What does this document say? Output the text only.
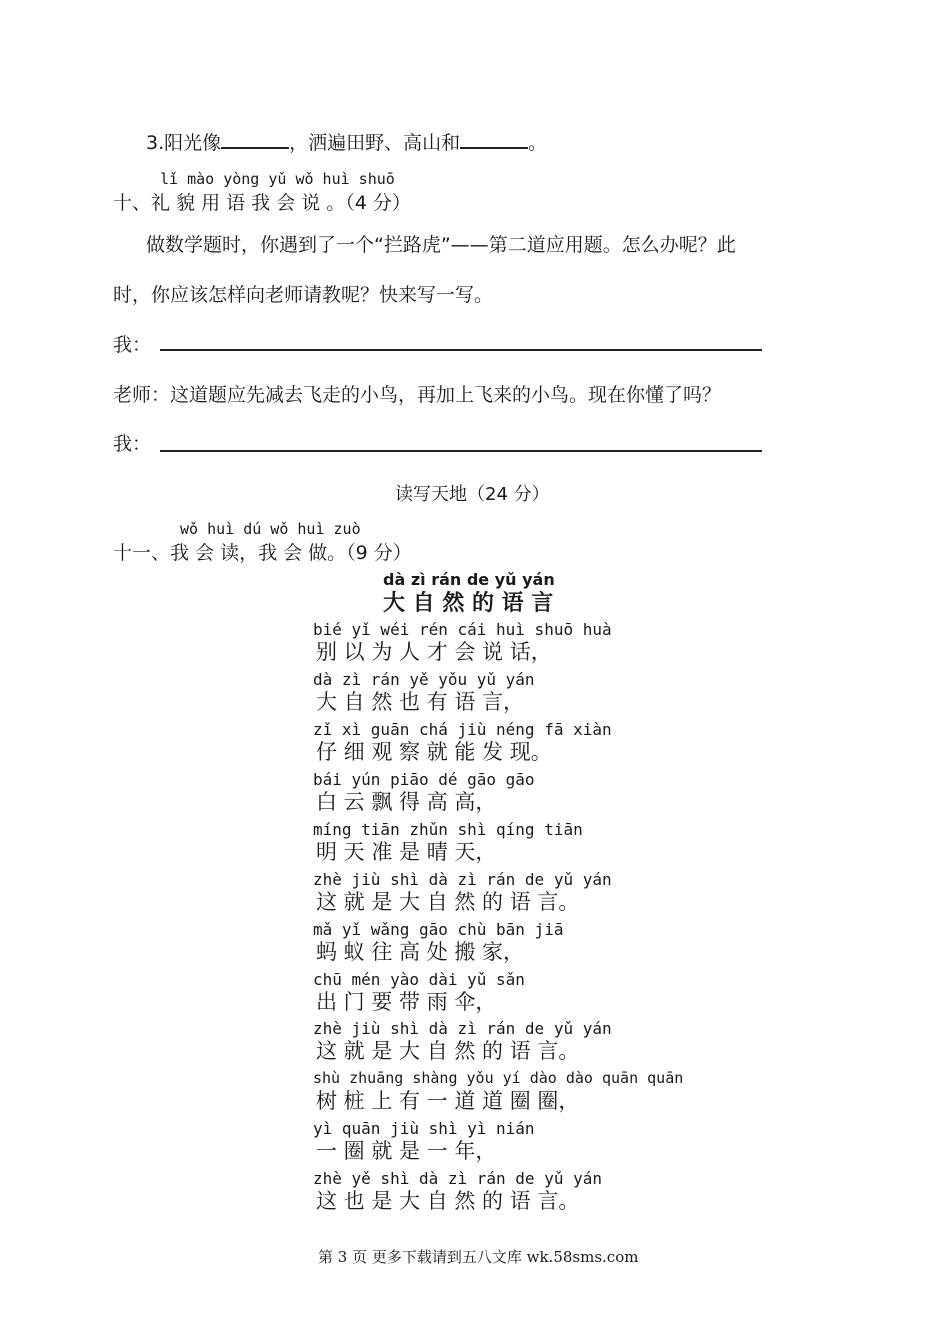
3.阳光像	，洒遍田野、高山和	。
lǐ mào yòng yǔ wǒ huì shuō
十、礼 貌 用 语 我 会 说 。（4 分）
做数学题时，你遇到了一个“拦路虎”——第二道应用题。怎么办呢？此
时，你应该怎样向老师请教呢？快来写一写。
我：
老师：这道题应先减去飞走的小鸟，再加上飞来的小鸟。现在你懂了吗？
我：
读写天地（24 分）
wǒ huì dú wǒ huì zuò
十一、我 会 读，我 会 做。（9 分）
dà zì rán de yǔ yán
大 自 然 的 语 言
bié yǐ wéi rén cái huì shuō huà
别 以 为 人 才 会 说 话，
dà zì rán yě yǒu yǔ yán
大 自 然 也 有 语 言，
zǐ xì guān chá jiù néng fā xiàn
仔 细 观 察 就 能 发 现。
bái yún piāo dé gāo gāo
白 云 飘 得 高 高，
míng tiān zhǔn shì qíng tiān
明 天 准 是 晴 天，
zhè jiù shì dà zì rán de yǔ yán
这 就 是 大 自 然 的 语 言。
mǎ yǐ wǎng gāo chù bān jiā
蚂 蚁 往 高 处 搬 家，
chū mén yào dài yǔ sǎn
出 门 要 带 雨 伞，
zhè jiù shì dà zì rán de yǔ yán
这 就 是 大 自 然 的 语 言。
shù zhuāng shàng yǒu yí dào dào quān quān
树 桩 上 有 一 道 道 圈 圈，
yì quān jiù shì yì nián
一 圈 就 是 一 年，
zhè yě shì dà zì rán de yǔ yán
这 也 是 大 自 然 的 语 言。
第 3 页 更多下载请到五八文库 wk.58sms.com
